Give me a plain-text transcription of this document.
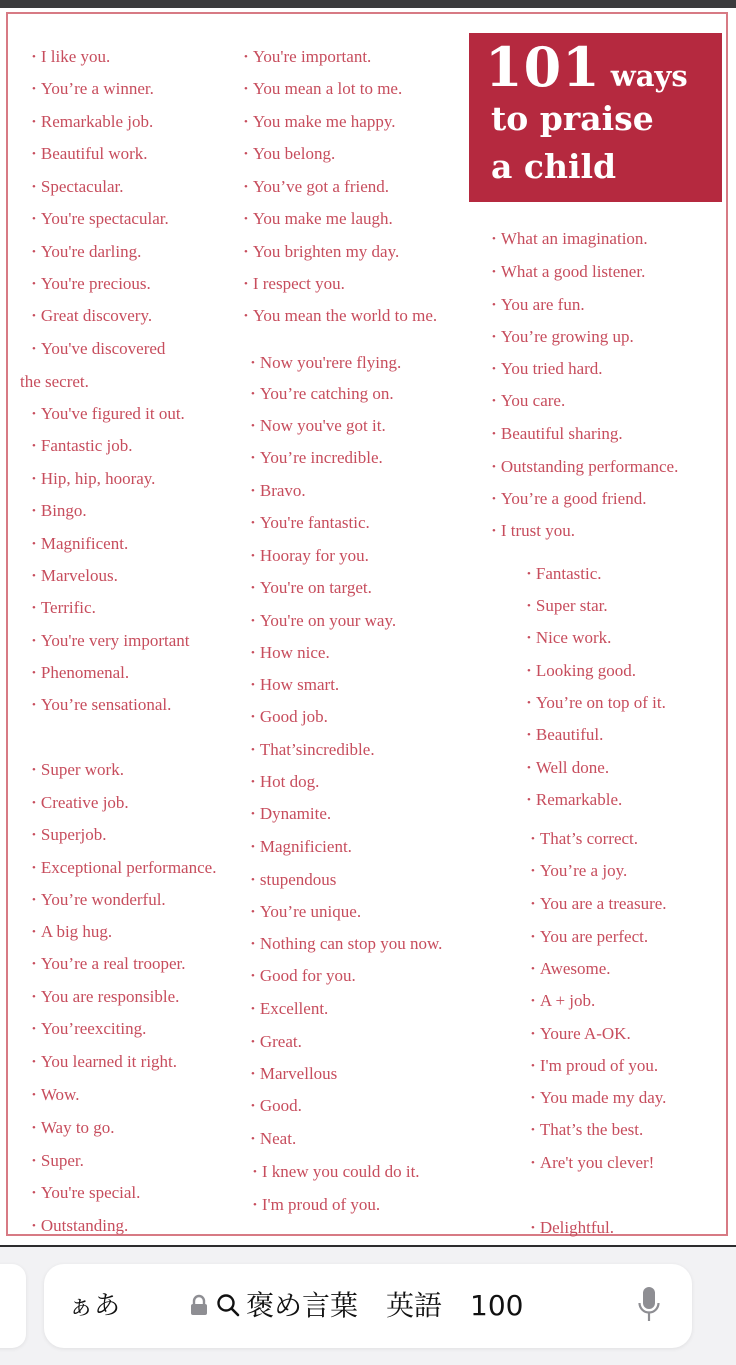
101 ways
to praise
a child
• I like you.
• You’re a winner.
• Remarkable job.
• Beautiful work.
• Spectacular.
• You're spectacular.
• You're darling.
• You're precious.
• Great discovery.
• You've discovered
the secret.
• You've figured it out.
• Fantastic job.
• Hip, hip, hooray.
• Bingo.
• Magnificent.
• Marvelous.
• Terrific.
• You're very important
• Phenomenal.
• You’re sensational.
• Super work.
• Creative job.
• Superjob.
• Exceptional performance.
• You’re wonderful.
• A big hug.
• You’re a real trooper.
• You are responsible.
• You’reexciting.
• You learned it right.
• Wow.
• Way to go.
• Super.
• You're special.
• Outstanding.
• You're important.
• You mean a lot to me.
• You make me happy.
• You belong.
• You’ve got a friend.
• You make me laugh.
• You brighten my day.
• I respect you.
• You mean the world to me.
• Now you'rere flying.
• You’re catching on.
• Now you've got it.
• You’re incredible.
• Bravo.
• You're fantastic.
• Hooray for you.
• You're on target.
• You're on your way.
• How nice.
• How smart.
• Good job.
• That’sincredible.
• Hot dog.
• Dynamite.
• Magnificient.
• stupendous
• You’re unique.
• Nothing can stop you now.
• Good for you.
• Excellent.
• Great.
• Marvellous
• Good.
• Neat.
• I knew you could do it.
• I'm proud of you.
• What an imagination.
• What a good listener.
• You are fun.
• You’re growing up.
• You tried hard.
• You care.
• Beautiful sharing.
• Outstanding performance.
• You’re a good friend.
• I trust you.
• Fantastic.
• Super star.
• Nice work.
• Looking good.
• You’re on top of it.
• Beautiful.
• Well done.
• Remarkable.
• That’s correct.
• You’re a joy.
• You are a treasure.
• You are perfect.
• Awesome.
• A + job.
• Youre A-OK.
• I'm proud of you.
• You made my day.
• That’s the best.
• Are't you clever!
• Delightful.
ぁあ	褒め言葉　英語　100
